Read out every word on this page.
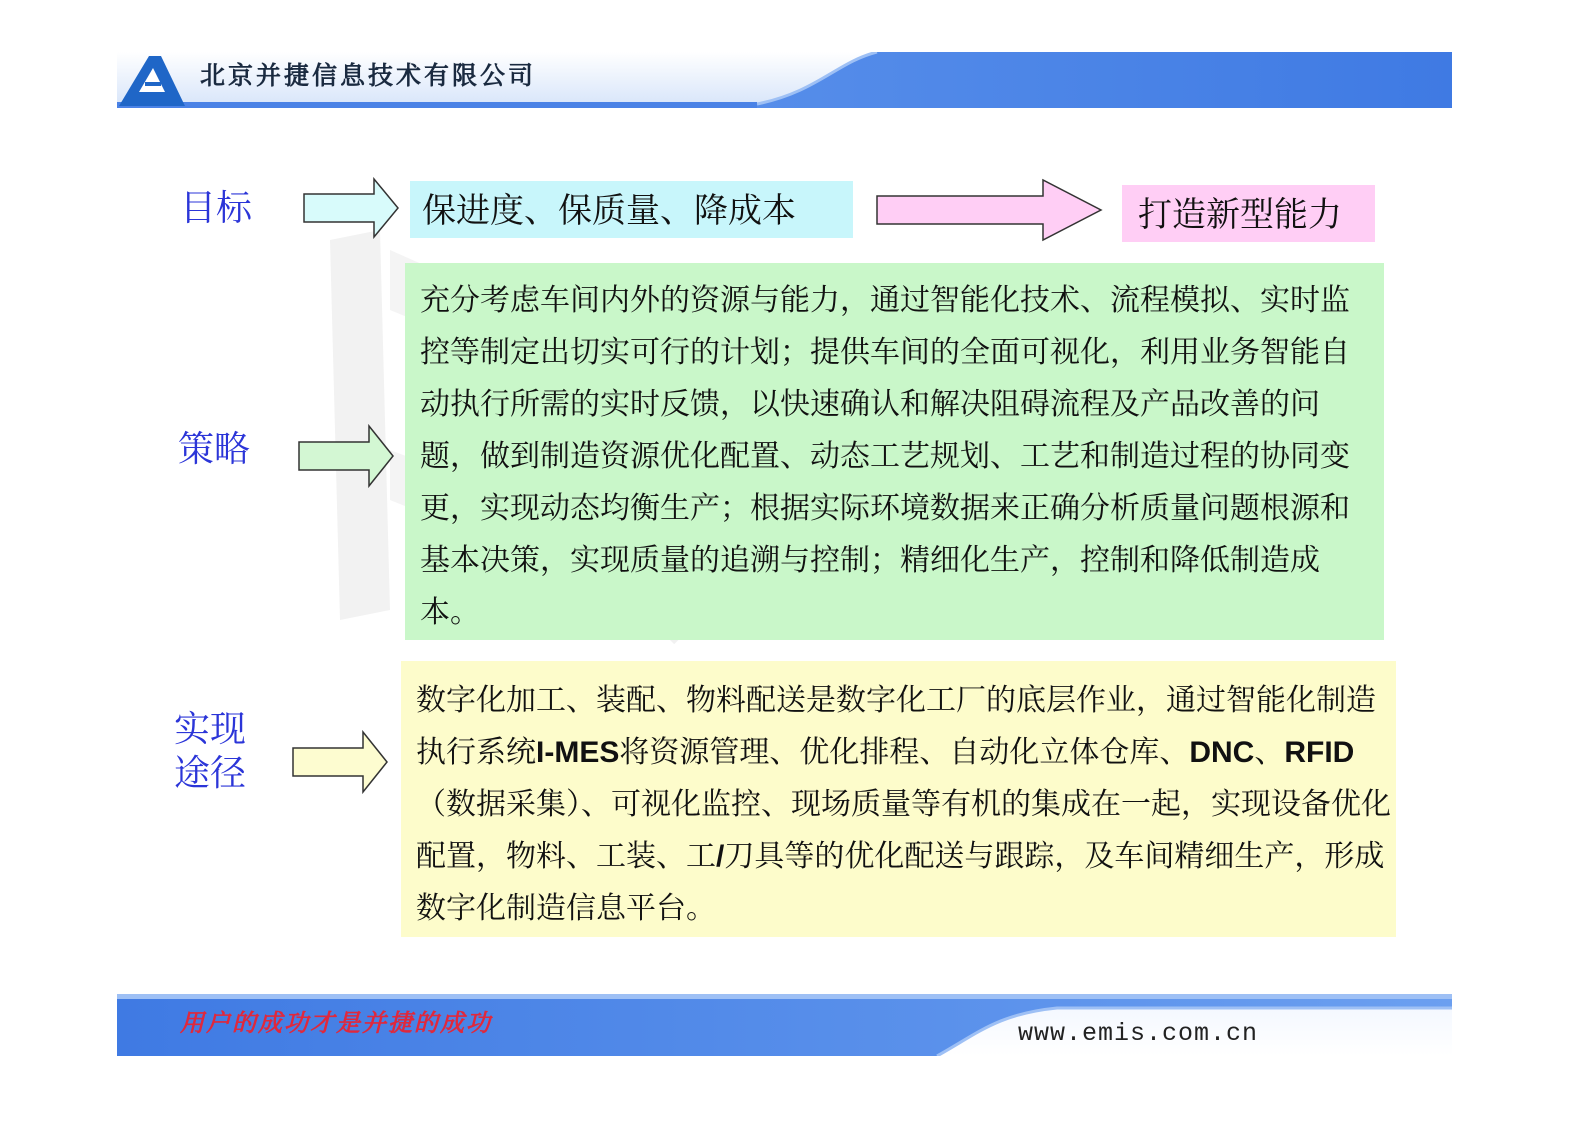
北京并捷信息技术有限公司
目标	保进度、保质量、降成本	打造新型能力
策略
充分考虑车间内外的资源与能力，通过智能化技术、流程模拟、实时监控等制定出切实可行的计划；提供车间的全面可视化，利用业务智能自动执行所需的实时反馈，以快速确认和解决阻碍流程及产品改善的问题，做到制造资源优化配置、动态工艺规划、工艺和制造过程的协同变更，实现动态均衡生产；根据实际环境数据来正确分析质量问题根源和基本决策，实现质量的追溯与控制；精细化生产，控制和降低制造成本。
实现
途径
数字化加工、装配、物料配送是数字化工厂的底层作业，通过智能化制造执行系统I-MES将资源管理、优化排程、自动化立体仓库、DNC、RFID（数据采集）、可视化监控、现场质量等有机的集成在一起，实现设备优化配置，物料、工装、工/刀具等的优化配送与跟踪，及车间精细生产，形成数字化制造信息平台。
用户的成功才是并捷的成功	www.emis.com.cn
